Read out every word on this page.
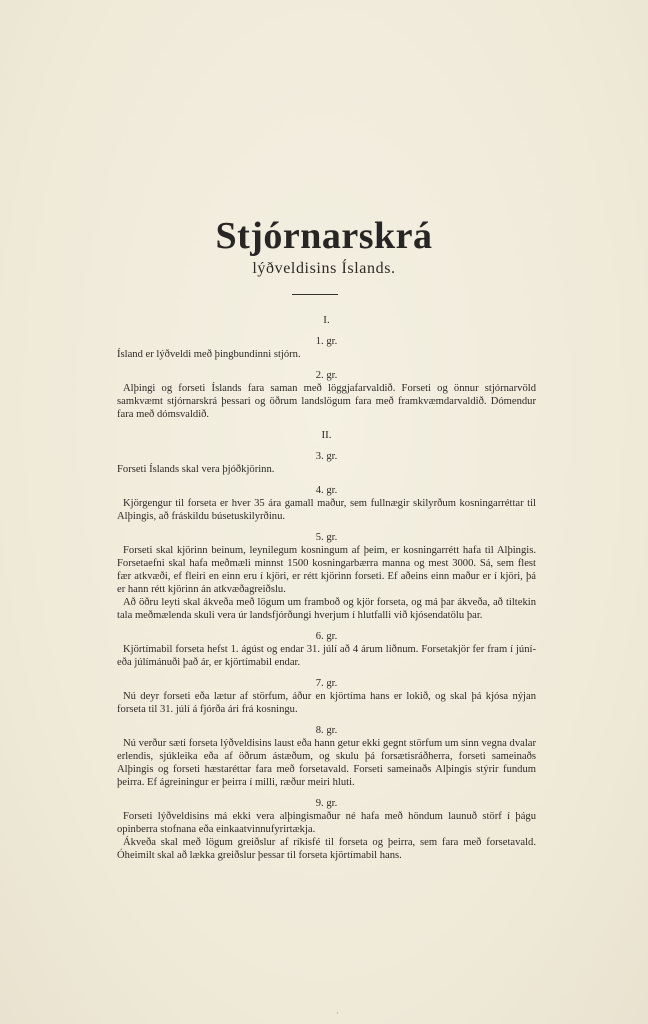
Stjórnarskrá
lýðveldisins Íslands.

I.

1. gr.

Ísland er lýðveldi með þingbundinni stjórn.

2. gr.

Alþingi og forseti Íslands fara saman með löggjafarvaldið. Forseti og önnur stjórnarvöld samkvæmt stjórnarskrá þessari og öðrum landslögum fara með framkvæmdarvaldið. Dómendur fara með dómsvaldið.

II.

3. gr.

Forseti Íslands skal vera þjóðkjörinn.

4. gr.

Kjörgengur til forseta er hver 35 ára gamall maður, sem fullnægir skilyrðum kosningarréttar til Alþingis, að fráskildu búsetuskilyrðinu.

5. gr.

Forseti skal kjörinn beinum, leynilegum kosningum af þeim, er kosningarrétt hafa til Alþingis. Forsetaefni skal hafa meðmæli minnst 1500 kosningarbærra manna og mest 3000. Sá, sem flest fær atkvæði, ef fleiri en einn eru í kjöri, er rétt kjörinn forseti. Ef aðeins einn maður er í kjöri, þá er hann rétt kjörinn án atkvæðagreiðslu.

Að öðru leyti skal ákveða með lögum um framboð og kjör forseta, og má þar ákveða, að tiltekin tala meðmælenda skuli vera úr landsfjórðungi hverjum í hlutfalli við kjósendatölu þar.

6. gr.

Kjörtímabil forseta hefst 1. ágúst og endar 31. júlí að 4 árum liðnum. Forsetakjör fer fram í júní- eða júlímánuði það ár, er kjörtímabil endar.

7. gr.

Nú deyr forseti eða lætur af störfum, áður en kjörtíma hans er lokið, og skal þá kjósa nýjan forseta til 31. júlí á fjórða ári frá kosningu.

8. gr.

Nú verður sæti forseta lýðveldisins laust eða hann getur ekki gegnt störfum um sinn vegna dvalar erlendis, sjúkleika eða af öðrum ástæðum, og skulu þá forsætisráðherra, forseti sameinaðs Alþingis og forseti hæstaréttar fara með forsetavald. Forseti sameinaðs Alþingis stýrir fundum þeirra. Ef ágreiningur er þeirra í milli, ræður meiri hluti.

9. gr.

Forseti lýðveldisins má ekki vera alþingismaður né hafa með höndum launuð störf í þágu opinberra stofnana eða einkaatvinnufyrirtækja.

Ákveða skal með lögum greiðslur af ríkisfé til forseta og þeirra, sem fara með forsetavald. Óheimilt skal að lækka greiðslur þessar til forseta kjörtímabil hans.

·
